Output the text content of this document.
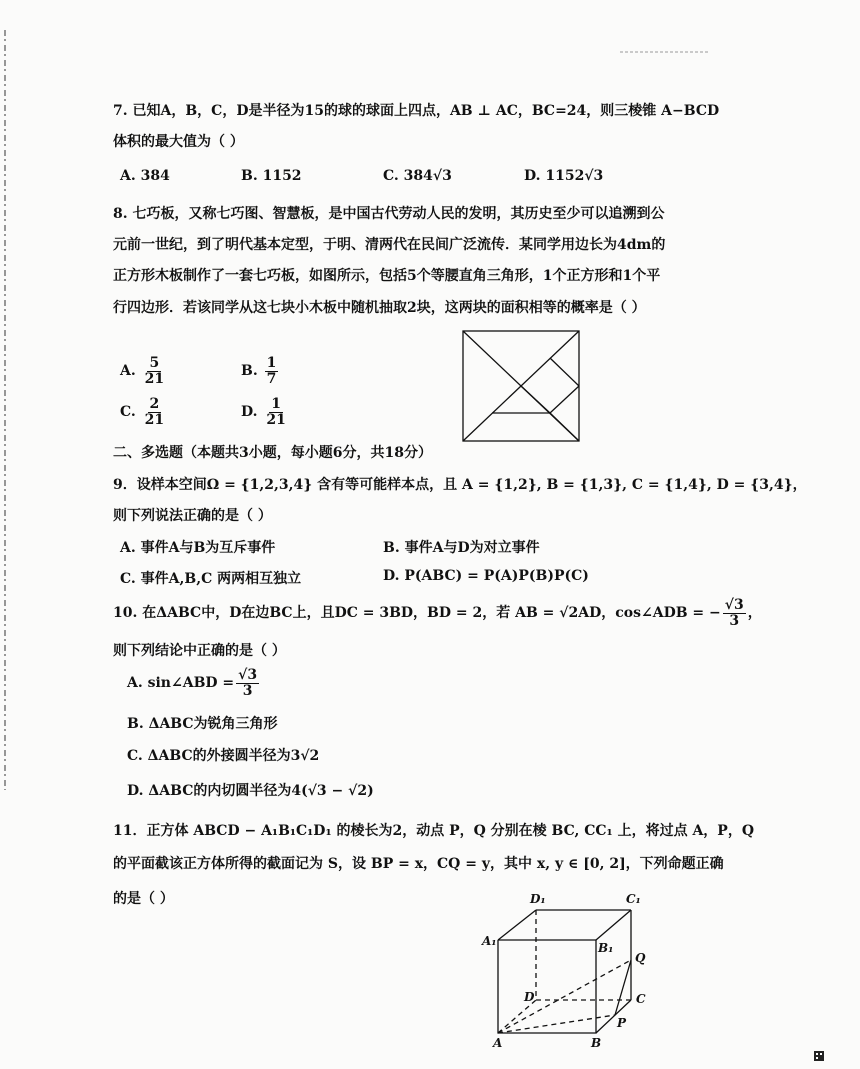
7. 已知A，B，C，D是半径为15的球的球面上四点，AB ⊥ AC，BC=24，则三棱锥 A−BCD
体积的最大值为（ ）
A. 384	B. 1152	C. 384√3	D. 1152√3
8. 七巧板，又称七巧图、智慧板，是中国古代劳动人民的发明，其历史至少可以追溯到公
元前一世纪，到了明代基本定型，于明、清两代在民间广泛流传．某同学用边长为4dm的
正方形木板制作了一套七巧板，如图所示，包括5个等腰直角三角形，1个正方形和1个平
行四边形．若该同学从这七块小木板中随机抽取2块，这两块的面积相等的概率是（ ）
A. $\frac{5}{21}$	B. $\frac{1}{7}$
C. $\frac{2}{21}$	D. $\frac{1}{21}$
二、多选题（本题共3小题，每小题6分，共18分）
9．设样本空间Ω = {1,2,3,4} 含有等可能样本点，且 A = {1,2}, B = {1,3}, C = {1,4}, D = {3,4}，
则下列说法正确的是（ ）
A. 事件A与B为互斥事件	B. 事件A与D为对立事件
C. 事件A,B,C 两两相互独立	D. P(ABC) = P(A)P(B)P(C)
10. 在ΔABC中，D在边BC上，且DC = 3BD，BD = 2，若 AB = √2AD，cos∠ADB = − $\frac{√3}{3}$ ，
则下列结论中正确的是（ ）
A. sin∠ABD = $\frac{√3}{3}$
B. ΔABC为锐角三角形
C. ΔABC的外接圆半径为3√2
D. ΔABC的内切圆半径为4(√3 − √2)
11．正方体 ABCD − A₁B₁C₁D₁ 的棱长为2，动点 P，Q 分别在棱 BC, CC₁ 上，将过点 A，P，Q
的平面截该正方体所得的截面记为 S，设 BP = x，CQ = y，其中 x, y ∈ [0, 2]，下列命题正确
的是（ ）	D₁	C₁
A₁	B₁
Q
D	C
P
A	B
